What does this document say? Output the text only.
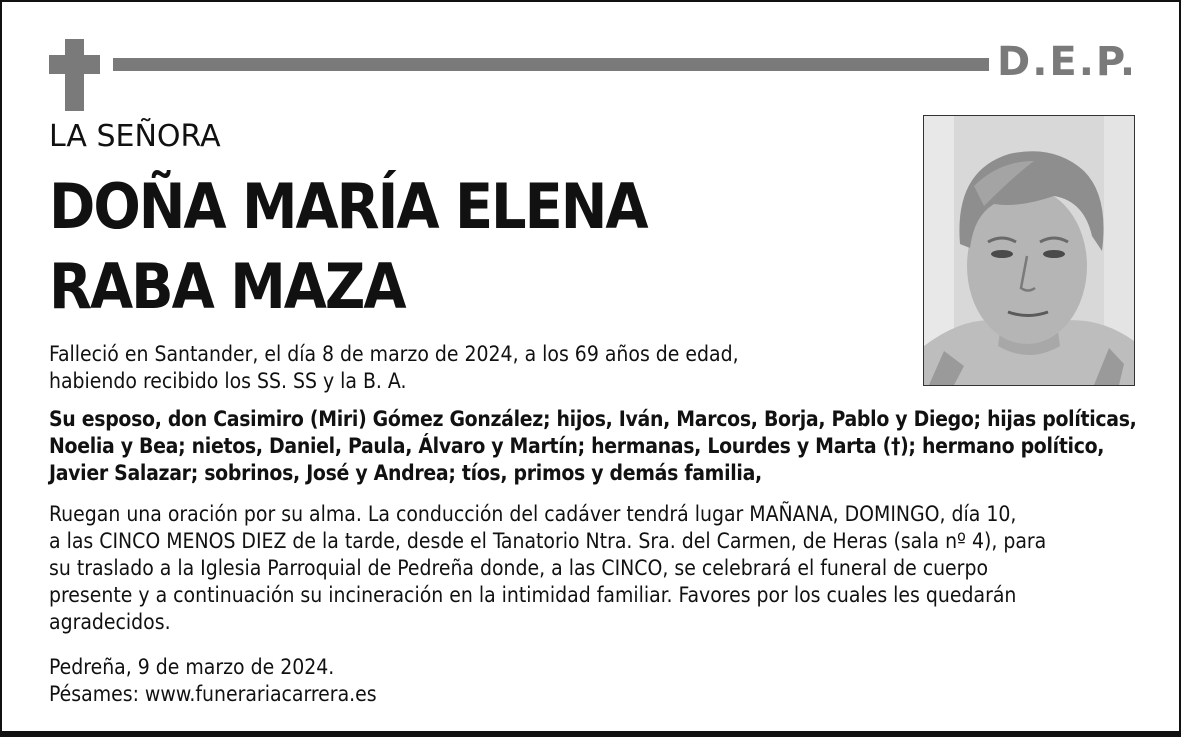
D.E.P.
LA SEÑORA
DOÑA MARÍA ELENA
RABA MAZA
Falleció en Santander, el día 8 de marzo de 2024, a los 69 años de edad,
habiendo recibido los SS. SS y la B. A.
Su esposo, don Casimiro (Miri) Gómez González; hijos, Iván, Marcos, Borja, Pablo y Diego; hijas políticas,
Noelia y Bea; nietos, Daniel, Paula, Álvaro y Martín; hermanas, Lourdes y Marta (†); hermano político,
Javier Salazar; sobrinos, José y Andrea; tíos, primos y demás familia,
Ruegan una oración por su alma. La conducción del cadáver tendrá lugar MAÑANA, DOMINGO, día 10,
a las CINCO MENOS DIEZ de la tarde, desde el Tanatorio Ntra. Sra. del Carmen, de Heras (sala nº 4), para
su traslado a la Iglesia Parroquial de Pedreña donde, a las CINCO, se celebrará el funeral de cuerpo
presente y a continuación su incineración en la intimidad familiar. Favores por los cuales les quedarán
agradecidos.
Pedreña, 9 de marzo de 2024.
Pésames: www.funerariacarrera.es
